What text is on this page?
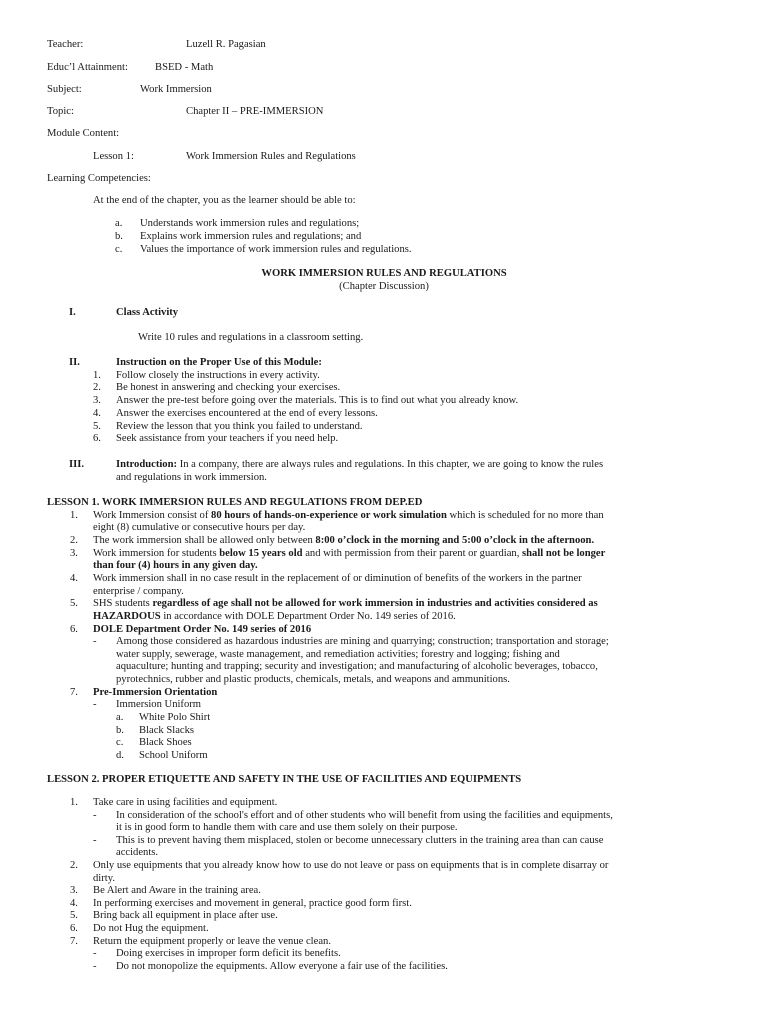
Teacher:	Luzell R. Pagasian
Educ’l Attainment:	BSED - Math
Subject:	Work Immersion
Topic:	Chapter II – PRE-IMMERSION
Module Content:
Lesson 1:	Work Immersion Rules and Regulations
Learning Competencies:
At the end of the chapter, you as the learner should be able to:
a. Understands work immersion rules and regulations;
b. Explains work immersion rules and regulations; and
c. Values the importance of work immersion rules and regulations.
WORK IMMERSION RULES AND REGULATIONS
(Chapter Discussion)
I.	Class Activity
Write 10 rules and regulations in a classroom setting.
II.	Instruction on the Proper Use of this Module:
1. Follow closely the instructions in every activity.
2. Be honest in answering and checking your exercises.
3. Answer the pre-test before going over the materials. This is to find out what you already know.
4. Answer the exercises encountered at the end of every lessons.
5. Review the lesson that you think you failed to understand.
6. Seek assistance from your teachers if you need help.
III.	Introduction: In a company, there are always rules and regulations. In this chapter, we are going to know the rules
and regulations in work immersion.
LESSON 1. WORK IMMERSION RULES AND REGULATIONS FROM DEP.ED
1. Work Immersion consist of 80 hours of hands-on-experience or work simulation which is scheduled for no more than
eight (8) cumulative or consecutive hours per day.
2. The work immersion shall be allowed only between 8:00 o’clock in the morning and 5:00 o’clock in the afternoon.
3. Work immersion for students below 15 years old and with permission from their parent or guardian, shall not be longer
than four (4) hours in any given day.
4. Work immersion shall in no case result in the replacement of or diminution of benefits of the workers in the partner
enterprise / company.
5. SHS students regardless of age shall not be allowed for work immersion in industries and activities considered as
HAZARDOUS in accordance with DOLE Department Order No. 149 series of 2016.
6. DOLE Department Order No. 149 series of 2016
- Among those considered as hazardous industries are mining and quarrying; construction; transportation and storage;
water supply, sewerage, waste management, and remediation activities; forestry and logging; fishing and
aquaculture; hunting and trapping; security and investigation; and manufacturing of alcoholic beverages, tobacco,
pyrotechnics, rubber and plastic products, chemicals, metals, and weapons and ammunitions.
7. Pre-Immersion Orientation
- Immersion Uniform
a. White Polo Shirt
b. Black Slacks
c. Black Shoes
d. School Uniform
LESSON 2. PROPER ETIQUETTE AND SAFETY IN THE USE OF FACILITIES AND EQUIPMENTS
1. Take care in using facilities and equipment.
- In consideration of the school's effort and of other students who will benefit from using the facilities and equipments,
it is in good form to handle them with care and use them solely on their purpose.
- This is to prevent having them misplaced, stolen or become unnecessary clutters in the training area than can cause
accidents.
2. Only use equipments that you already know how to use do not leave or pass on equipments that is in complete disarray or
dirty.
3. Be Alert and Aware in the training area.
4. In performing exercises and movement in general, practice good form first.
5. Bring back all equipment in place after use.
6. Do not Hug the equipment.
7. Return the equipment properly or leave the venue clean.
- Doing exercises in improper form deficit its benefits.
- Do not monopolize the equipments. Allow everyone a fair use of the facilities.
